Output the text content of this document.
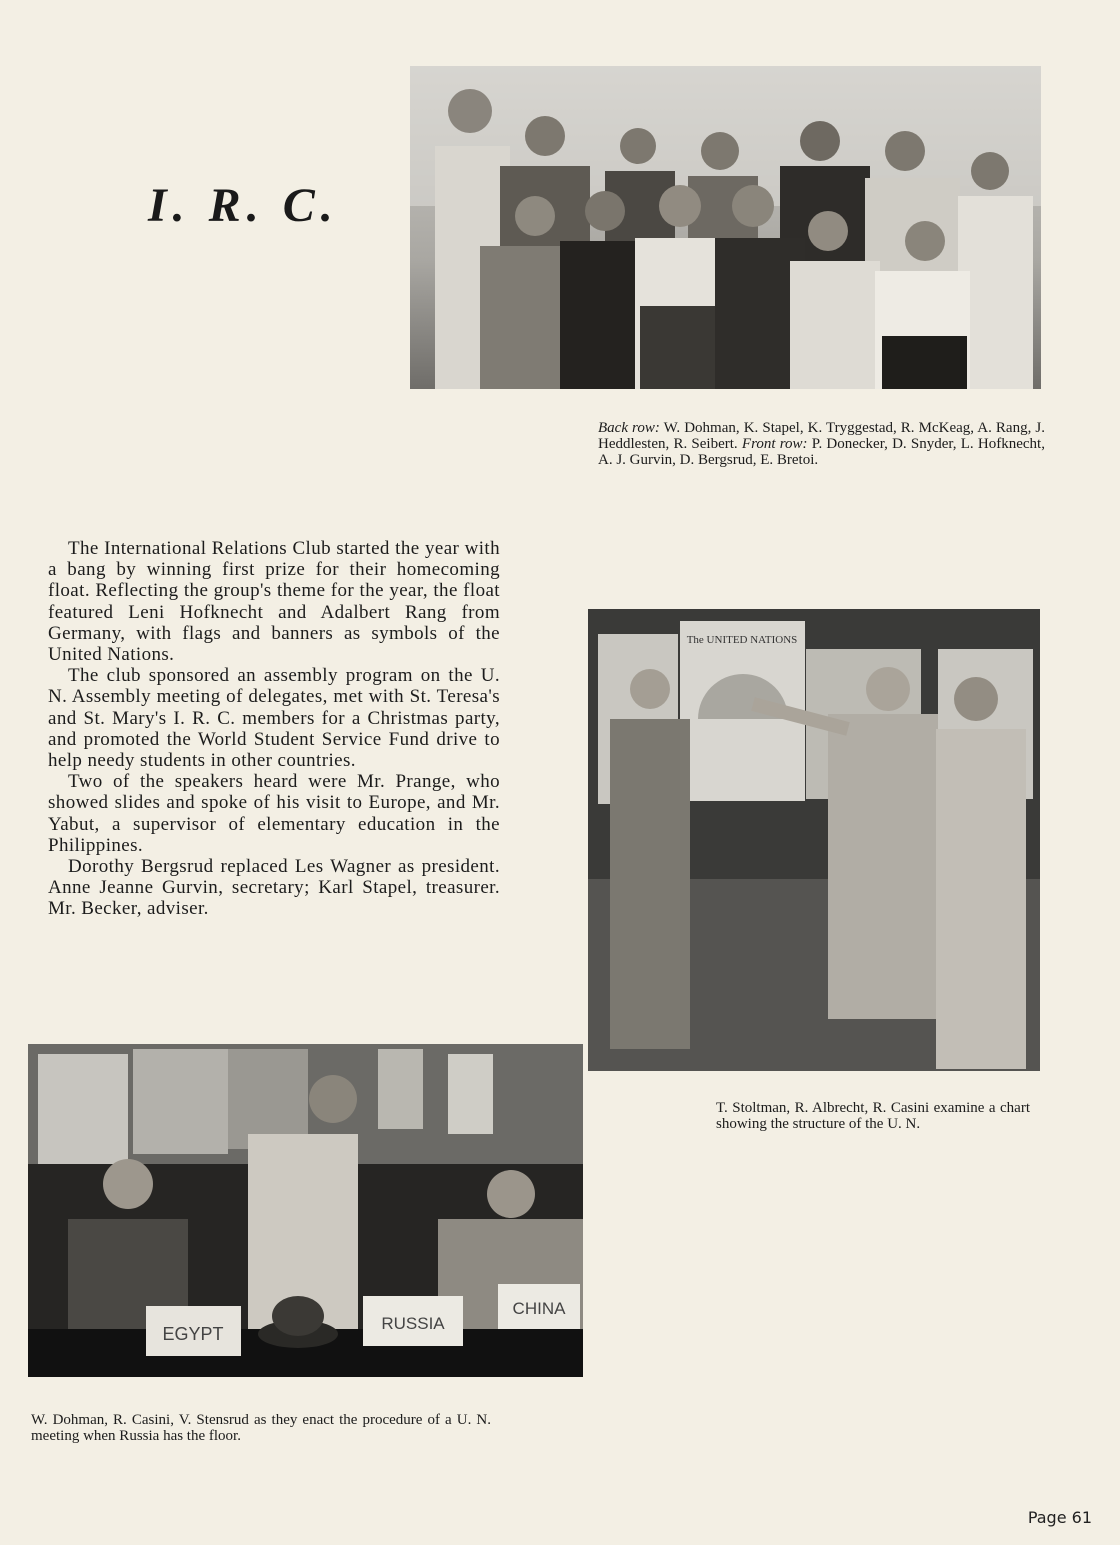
I. R. C.
Back row: W. Dohman, K. Stapel, K. Tryggestad, R. McKeag, A. Rang, J. Heddlesten, R. Seibert. Front row: P. Donecker, D. Snyder, L. Hofknecht, A. J. Gurvin, D. Bergsrud, E. Bretoi.

The International Relations Club started the year with a bang by winning first prize for their homecoming float. Reflecting the group's theme for the year, the float featured Leni Hofknecht and Adalbert Rang from Germany, with flags and banners as symbols of the United Nations.

The club sponsored an assembly program on the U. N. Assembly meeting of delegates, met with St. Teresa's and St. Mary's I. R. C. members for a Christmas party, and promoted the World Student Service Fund drive to help needy students in other countries.

Two of the speakers heard were Mr. Prange, who showed slides and spoke of his visit to Europe, and Mr. Yabut, a supervisor of elementary education in the Philippines.

Dorothy Bergsrud replaced Les Wagner as president. Anne Jeanne Gurvin, secretary; Karl Stapel, treasurer. Mr. Becker, adviser.

The UNITED NATIONS
T. Stoltman, R. Albrecht, R. Casini examine a chart showing the structure of the U. N.
EGYPT
RUSSIA
CHINA
W. Dohman, R. Casini, V. Stensrud as they enact the procedure of a U. N. meeting when Russia has the floor.
Page 61
